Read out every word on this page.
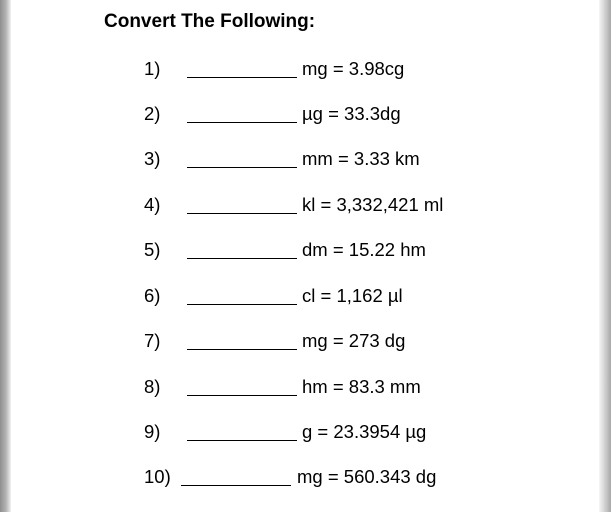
Convert The Following:
1)	mg = 3.98cg
2)	µg = 33.3dg
3)	mm = 3.33 km
4)	kl = 3,332,421 ml
5)	dm = 15.22 hm
6)	cl = 1,162 µl
7)	mg = 273 dg
8)	hm = 83.3 mm
9)	g = 23.3954 µg
10)	mg = 560.343 dg
